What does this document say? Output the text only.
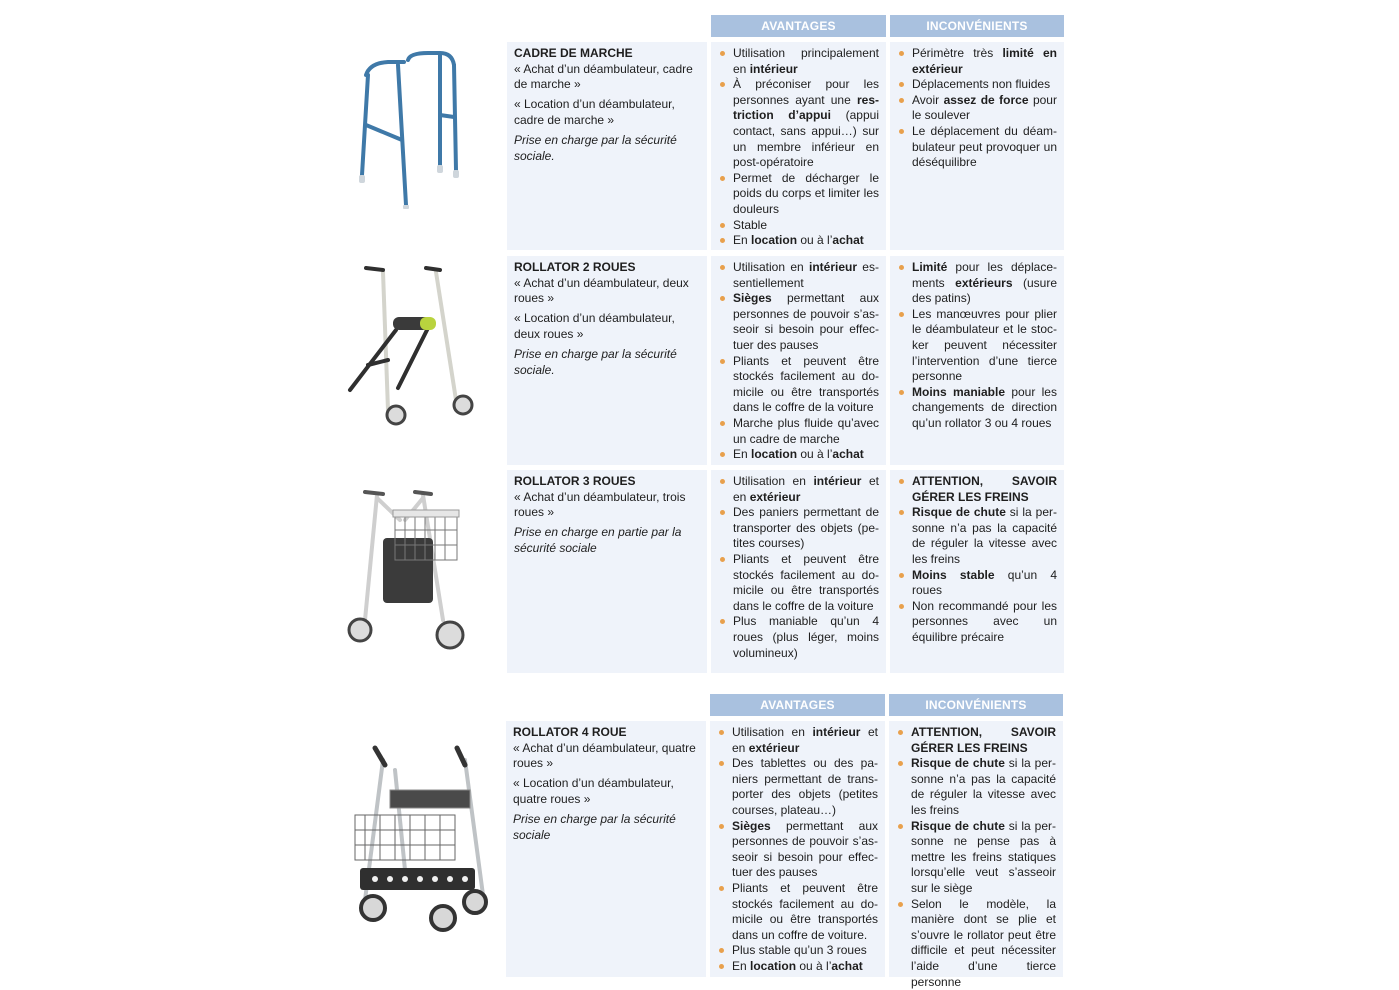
AVANTAGES	INCONVÉNIENTS
AVANTAGES	INCONVÉNIENTS
CADRE DE MARCHE
« Achat d’un déambulateur, cadre de marche »
« Location d’un déambulateur, cadre de marche »
Prise en charge par la sécurité sociale.
Utilisation principalement en intérieur
À préconiser pour les personnes ayant une restriction d’appui (appui contact, sans appui…) sur un membre inférieur en post-opératoire
Permet de décharger le poids du corps et limiter les douleurs
Stable
En location ou à l’achat
Périmètre très limité en extérieur
Déplacements non fluides
Avoir assez de force pour le soulever
Le déplacement du déambulateur peut provoquer un déséquilibre
ROLLATOR 2 ROUES
« Achat d’un déambulateur, deux roues »
« Location d’un déambulateur, deux roues »
Prise en charge par la sécurité sociale.
Utilisation en intérieur essentiellement
Sièges permettant aux personnes de pouvoir s’asseoir si besoin pour effectuer des pauses
Pliants et peuvent être stockés facilement au domicile ou être transportés dans le coffre de la voiture
Marche plus fluide qu’avec un cadre de marche
En location ou à l’achat
Limité pour les déplacements extérieurs (usure des patins)
Les manœuvres pour plier le déambulateur et le stocker peuvent nécessiter l’intervention d’une tierce personne
Moins maniable pour les changements de direction qu’un rollator 3 ou 4 roues
ROLLATOR 3 ROUES
« Achat d’un déambulateur, trois roues »
Prise en charge en partie par la sécurité sociale
Utilisation en intérieur et en extérieur
Des paniers permettant de transporter des objets (petites courses)
Pliants et peuvent être stockés facilement au domicile ou être transportés dans le coffre de la voiture
Plus maniable qu’un 4 roues (plus léger, moins volumineux)
ATTENTION, SAVOIR GÉRER LES FREINS
Risque de chute si la personne n’a pas la capacité de réguler la vitesse avec les freins
Moins stable qu’un 4 roues
Non recommandé pour les personnes avec un équilibre précaire
ROLLATOR 4 ROUE
« Achat d’un déambulateur, quatre roues »
« Location d’un déambulateur, quatre roues »
Prise en charge par la sécurité sociale
Utilisation en intérieur et en extérieur
Des tablettes ou des paniers permettant de transporter des objets (petites courses, plateau…)
Sièges permettant aux personnes de pouvoir s’asseoir si besoin pour effectuer des pauses
Pliants et peuvent être stockés facilement au domicile ou être transportés dans un coffre de voiture.
Plus stable qu’un 3 roues
En location ou à l’achat
ATTENTION, SAVOIR GÉRER LES FREINS
Risque de chute si la personne n’a pas la capacité de réguler la vitesse avec les freins
Risque de chute si la personne ne pense pas à mettre les freins statiques lorsqu’elle veut s’asseoir sur le siège
Selon le modèle, la manière dont se plie et s’ouvre le rollator peut être difficile et peut nécessiter l’aide d’une tierce personne
